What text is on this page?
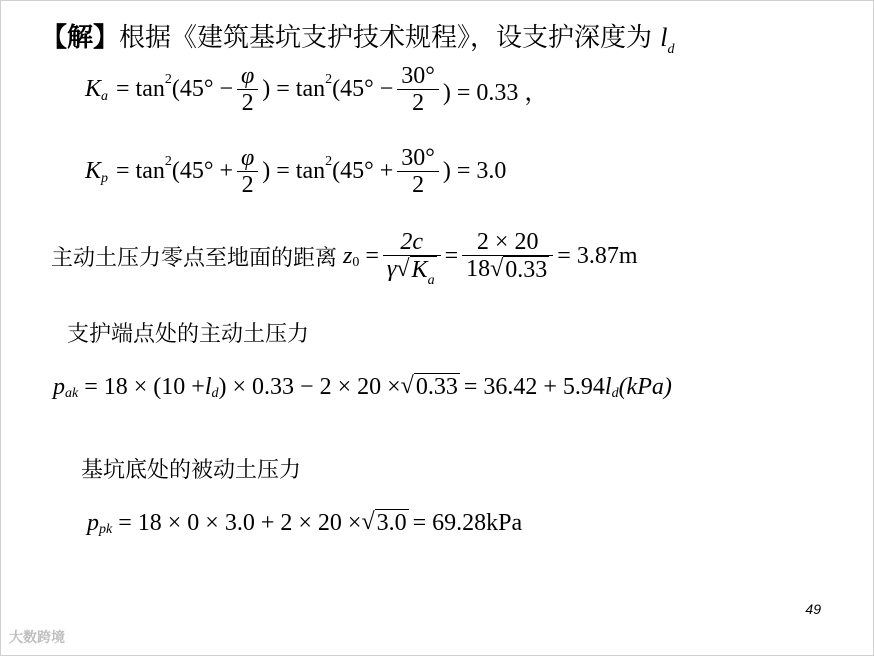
【解】根据《建筑基坑支护技术规程》，设支护深度为 $l_d$
K a = tan 2 ($45^\circ - \frac{\varphi}{2}$ ) = tan 2 ($45^\circ - \frac{30^\circ}{2}$ ) = 0.33 ，
K p = tan 2 ($45^\circ + \frac{\varphi}{2}$ ) = tan 2 ($45^\circ + \frac{30^\circ}{2}$ ) = 3.0
主动土压力零点至地面的距离 z $0 = \frac{2c}{\gamma √ K_a} = \frac{2 \times 20}{18 √ 0.33} = 3.87m$
支护端点处的主动土压力
p ak = 18 × (10 + l d ) × 0.33 − 2 × 20 × √ 0.33 = 36.42 + 5.94 l d (kPa)
基坑底处的被动土压力
p pk = 18 × 0 × 3.0 + 2 × 20 × √ 3.0 = 69.28kPa
49
大数跨境
